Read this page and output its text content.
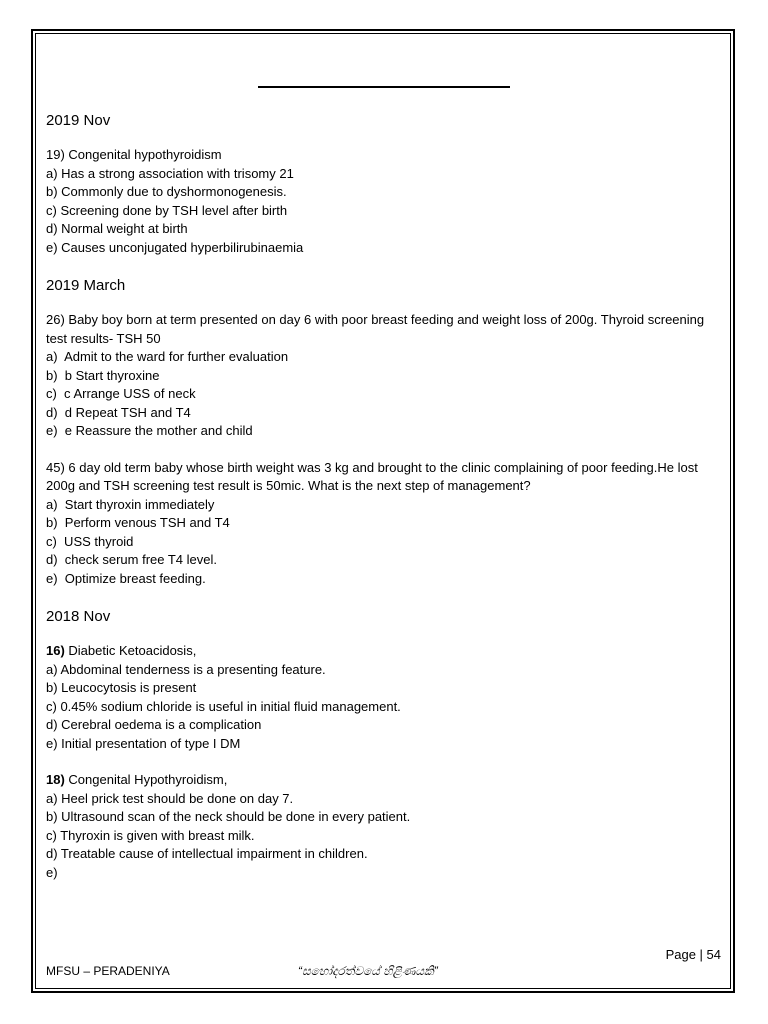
2019 Nov
19) Congenital hypothyroidism
a) Has a strong association with trisomy 21
b) Commonly due to dyshormonogenesis.
c) Screening done by TSH level after birth
d) Normal weight at birth
e) Causes unconjugated hyperbilirubinaemia
2019 March
26) Baby boy born at term presented on day 6 with poor breast feeding and weight loss of 200g. Thyroid screening test results- TSH 50
a)  Admit to the ward for further evaluation
b)  b Start thyroxine
c)  c Arrange USS of neck
d)  d Repeat TSH and T4
e)  e Reassure the mother and child
45) 6 day old term baby whose birth weight was 3 kg and brought to the clinic complaining of poor feeding.He lost 200g and TSH screening test result is 50mic. What is the next step of management?
a)  Start thyroxin immediately
b)  Perform venous TSH and T4
c)  USS thyroid
d)  check serum free T4 level.
e)  Optimize breast feeding.
2018 Nov
16) Diabetic Ketoacidosis,
a) Abdominal tenderness is a presenting feature.
b) Leucocytosis is present
c) 0.45% sodium chloride is useful in initial fluid management.
d) Cerebral oedema is a complication
e) Initial presentation of type I DM
18) Congenital Hypothyroidism,
a) Heel prick test should be done on day 7.
b) Ultrasound scan of the neck should be done in every patient.
c) Thyroxin is given with breast milk.
d) Treatable cause of intellectual impairment in children.
e)
Page | 54
MFSU – PERADENIYA	“සහෝදරත්වයේ හිළිණයකි”
